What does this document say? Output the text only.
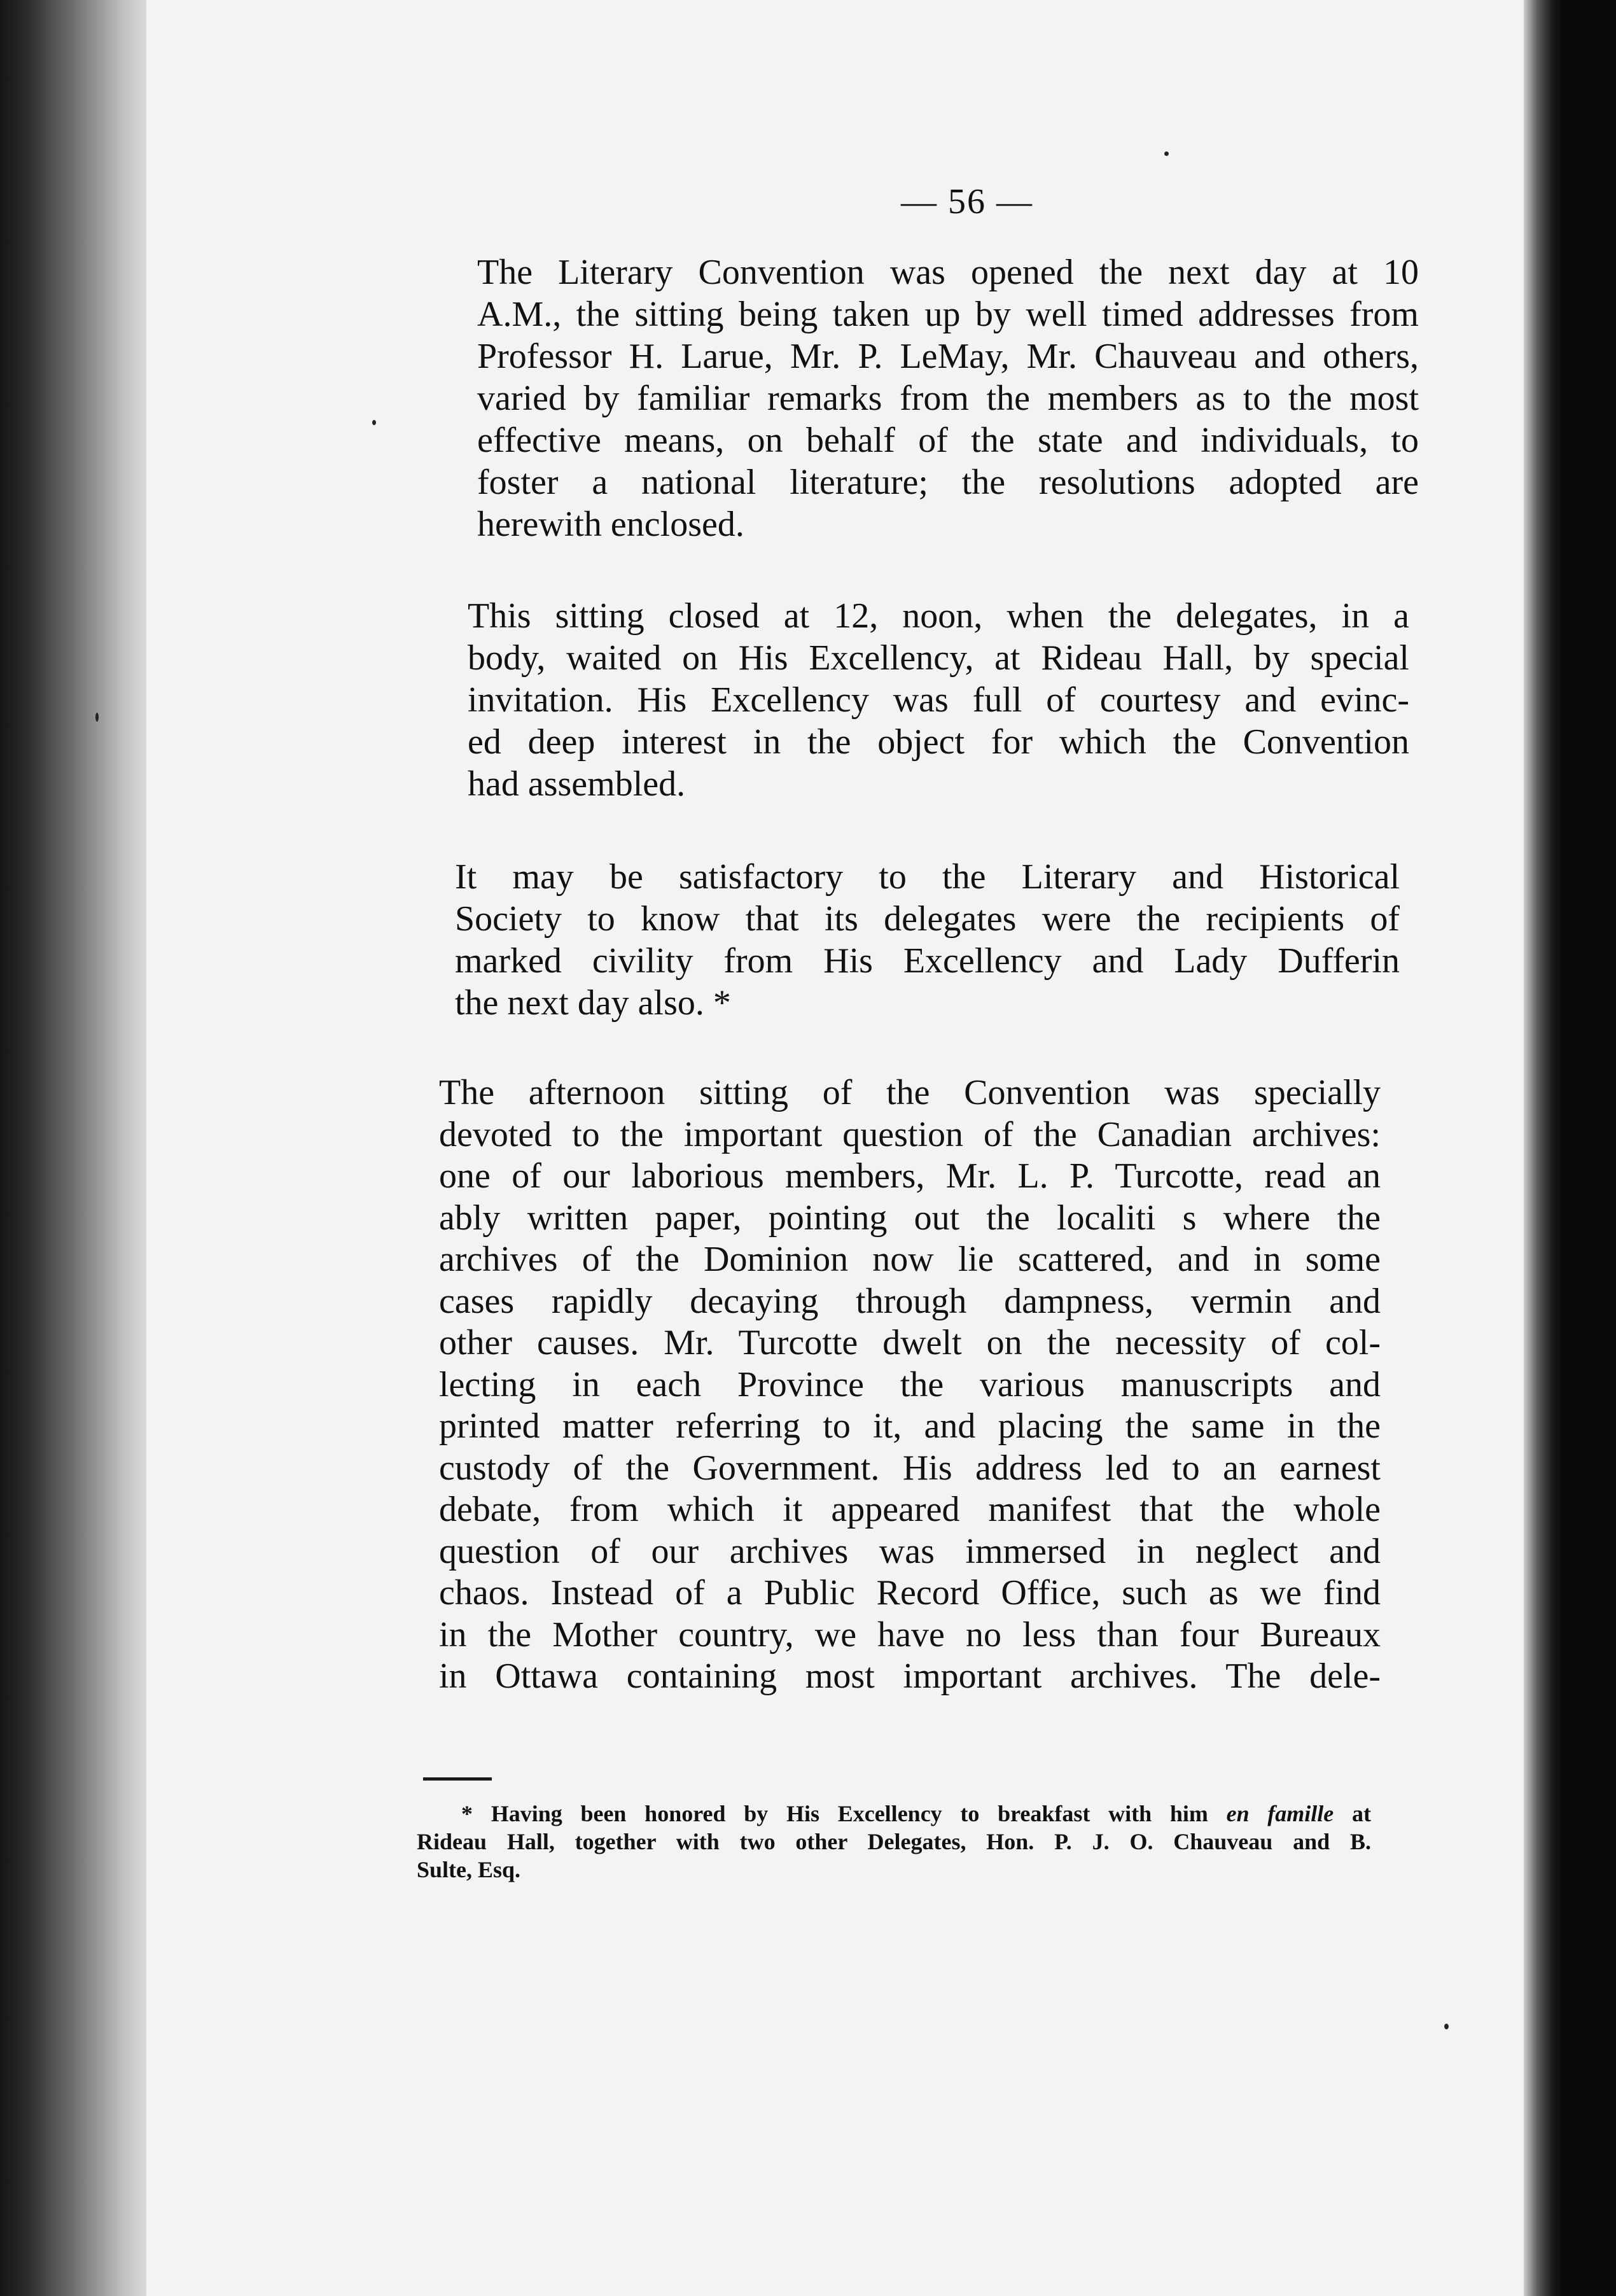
— 56 —
The Literary Convention was opened the next day at 10
A.M., the sitting being taken up by well timed addresses from
Professor H. Larue, Mr. P. LeMay, Mr. Chauveau and others,
varied by familiar remarks from the members as to the most
effective means, on behalf of the state and individuals, to
foster a national literature; the resolutions adopted are
herewith enclosed.
This sitting closed at 12, noon, when the delegates, in a
body, waited on His Excellency, at Rideau Hall, by special
invitation. His Excellency was full of courtesy and evinc-
ed deep interest in the object for which the Convention
had assembled.
It may be satisfactory to the Literary and Historical
Society to know that its delegates were the recipients of
marked civility from His Excellency and Lady Dufferin
the next day also. *
The afternoon sitting of the Convention was specially
devoted to the important question of the Canadian archives:
one of our laborious members, Mr. L. P. Turcotte, read an
ably written paper, pointing out the localiti s where the
archives of the Dominion now lie scattered, and in some
cases rapidly decaying through dampness, vermin and
other causes. Mr. Turcotte dwelt on the necessity of col-
lecting in each Province the various manuscripts and
printed matter referring to it, and placing the same in the
custody of the Government. His address led to an earnest
debate, from which it appeared manifest that the whole
question of our archives was immersed in neglect and
chaos. Instead of a Public Record Office, such as we find
in the Mother country, we have no less than four Bureaux
in Ottawa containing most important archives. The dele-
* Having been honored by His Excellency to breakfast with him en famille at
Rideau Hall, together with two other Delegates, Hon. P. J. O. Chauveau and B.
Sulte, Esq.
